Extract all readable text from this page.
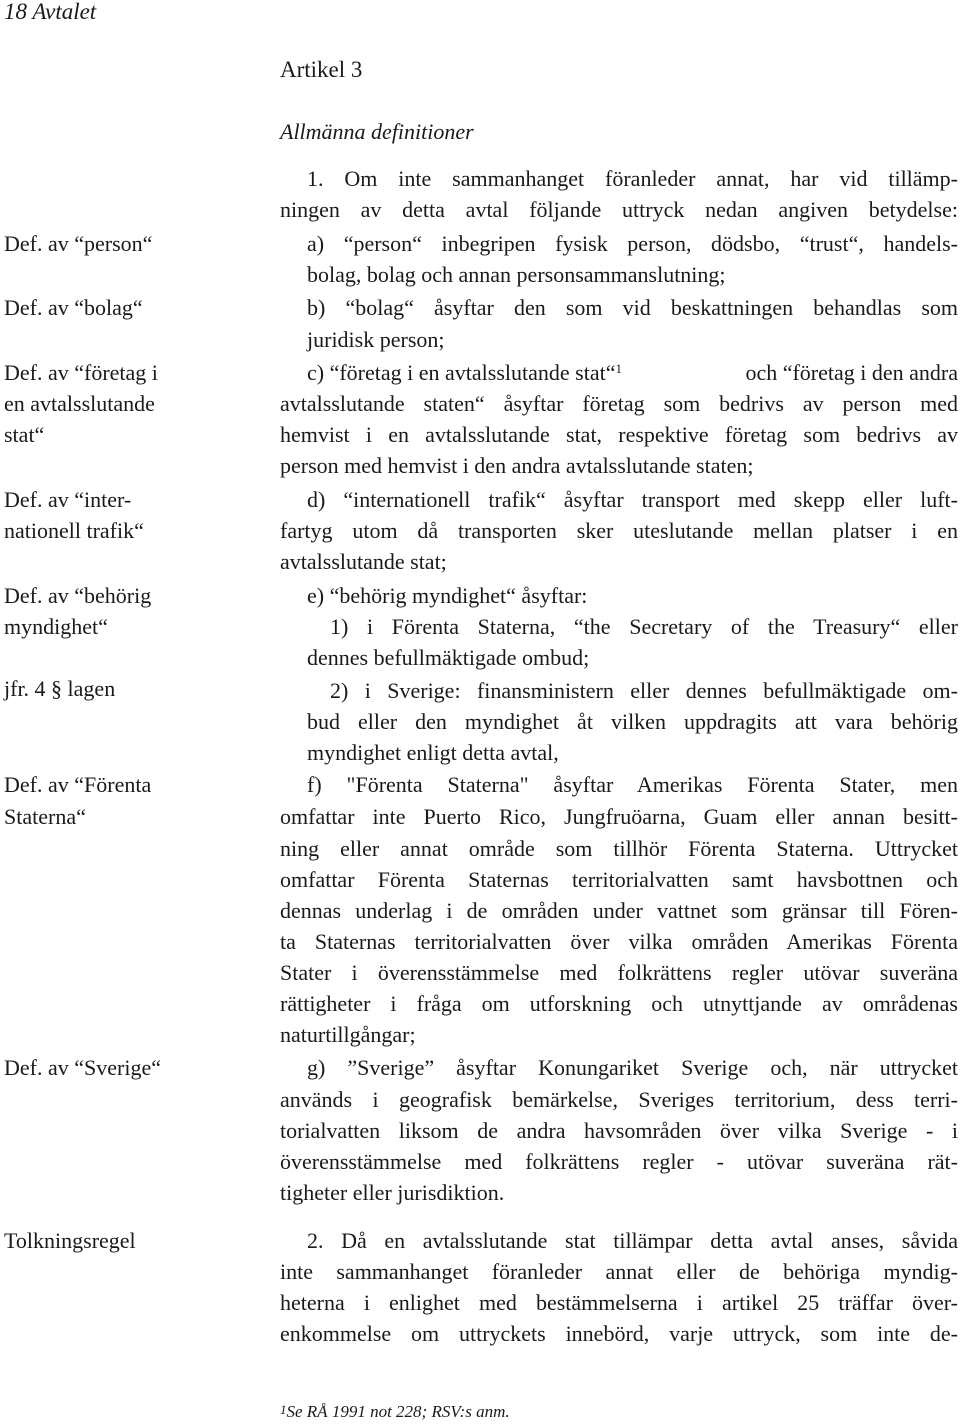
18 Avtalet
Artikel 3
Allmänna definitioner
Def. av “person“
Def. av “bolag“
Def. av “företag i
en avtalsslutande
stat“
Def. av “inter-
nationell trafik“
Def. av “behörig
myndighet“
jfr. 4 § lagen
Def. av “Förenta
Staterna“
Def. av “Sverige“
Tolkningsregel
1. Om inte sammanhanget föranleder annat, har vid tillämp-
ningen av detta avtal följande uttryck nedan angiven betydelse:
a) “person“ inbegripen fysisk person, dödsbo, “trust“, handels-
bolag, bolag och annan personsammanslutning;
b) “bolag“ åsyftar den som vid beskattningen behandlas som
juridisk person;
c) “företag i en avtalsslutande stat“$^1$	och “företag i den andra
avtalsslutande staten“ åsyftar företag som bedrivs av person med
hemvist i en avtalsslutande stat, respektive företag som bedrivs av
person med hemvist i den andra avtalsslutande staten;
d) “internationell trafik“ åsyftar transport med skepp eller luft-
fartyg utom då transporten sker uteslutande mellan platser i en
avtalsslutande stat;
e) “behörig myndighet“ åsyftar:
1) i Förenta Staterna, “the Secretary of the Treasury“ eller
dennes befullmäktigade ombud;
2) i Sverige: finansministern eller dennes befullmäktigade om-
bud eller den myndighet åt vilken uppdragits att vara behörig
myndighet enligt detta avtal,
f) "Förenta Staterna" åsyftar Amerikas Förenta Stater, men
omfattar inte Puerto Rico, Jungfruöarna, Guam eller annan besitt-
ning eller annat område som tillhör Förenta Staterna. Uttrycket
omfattar Förenta Staternas territorialvatten samt havsbottnen och
dennas underlag i de områden under vattnet som gränsar till Fören-
ta Staternas territorialvatten över vilka områden Amerikas Förenta
Stater i överensstämmelse med folkrättens regler utövar suveräna
rättigheter i fråga om utforskning och utnyttjande av områdenas
naturtillgångar;
g) ”Sverige” åsyftar Konungariket Sverige och, när uttrycket
används i geografisk bemärkelse, Sveriges territorium, dess terri-
torialvatten liksom de andra havsområden över vilka Sverige - i
överensstämmelse med folkrättens regler - utövar suveräna rät-
tigheter eller jurisdiktion.
2. Då en avtalsslutande stat tillämpar detta avtal anses, såvida
inte sammanhanget föranleder annat eller de behöriga myndig-
heterna i enlighet med bestämmelserna i artikel 25 träffar över-
enkommelse om uttryckets innebörd, varje uttryck, som inte de-
$^1$Se RÅ 1991 not 228; RSV:s anm.
